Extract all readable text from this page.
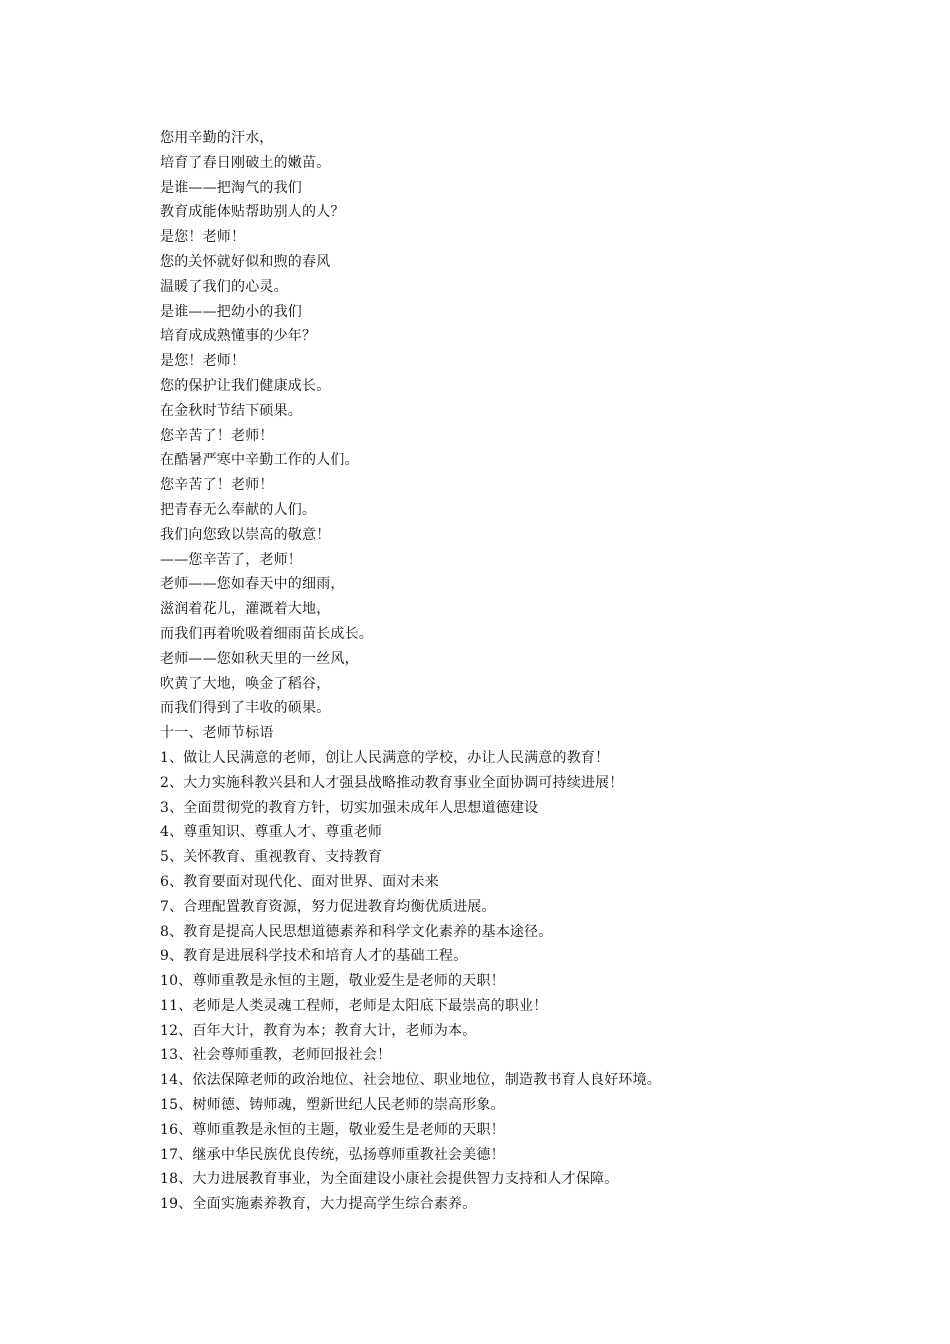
您用辛勤的汗水，
培育了春日刚破土的嫩苗。
是谁——把淘气的我们
教育成能体贴帮助别人的人？
是您！老师！
您的关怀就好似和煦的春风
温暖了我们的心灵。
是谁——把幼小的我们
培育成成熟懂事的少年？
是您！老师！
您的保护让我们健康成长。
在金秋时节结下硕果。
您辛苦了！老师！
在酷暑严寒中辛勤工作的人们。
您辛苦了！老师！
把青春无么奉献的人们。
我们向您致以崇高的敬意！
——您辛苦了，老师！
老师——您如春天中的细雨，
滋润着花儿，灌溉着大地，
而我们再着吮吸着细雨苗长成长。
老师——您如秋天里的一丝风，
吹黄了大地，唤金了稻谷，
而我们得到了丰收的硕果。
十一、老师节标语
1、做让人民满意的老师，创让人民满意的学校，办让人民满意的教育！
2、大力实施科教兴县和人才强县战略推动教育事业全面协调可持续进展！
3、全面贯彻党的教育方针，切实加强未成年人思想道德建设
4、尊重知识、尊重人才、尊重老师
5、关怀教育、重视教育、支持教育
6、教育要面对现代化、面对世界、面对未来
7、合理配置教育资源，努力促进教育均衡优质进展。
8、教育是提高人民思想道德素养和科学文化素养的基本途径。
9、教育是进展科学技术和培育人才的基础工程。
10、尊师重教是永恒的主题，敬业爱生是老师的天职！
11、老师是人类灵魂工程师，老师是太阳底下最崇高的职业！
12、百年大计，教育为本；教育大计，老师为本。
13、社会尊师重教，老师回报社会！
14、依法保障老师的政治地位、社会地位、职业地位，制造教书育人良好环境。
15、树师德、铸师魂，塑新世纪人民老师的崇高形象。
16、尊师重教是永恒的主题，敬业爱生是老师的天职！
17、继承中华民族优良传统，弘扬尊师重教社会美德！
18、大力进展教育事业，为全面建设小康社会提供智力支持和人才保障。
19、全面实施素养教育，大力提高学生综合素养。
